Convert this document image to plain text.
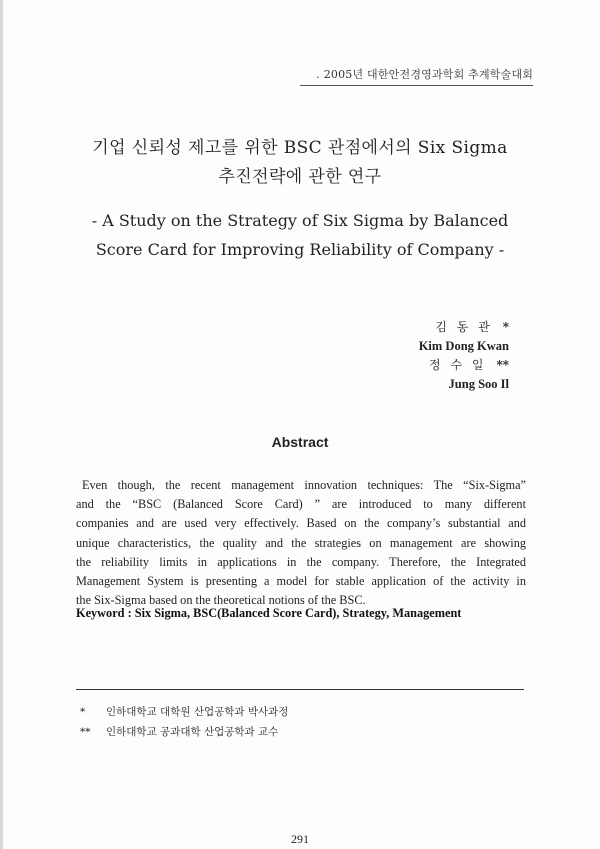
. 2005년 대한안전경영과학회 추계학술대회
기업 신뢰성 제고를 위한 BSC 관점에서의 Six Sigma
추진전략에 관한 연구
- A Study on the Strategy of Six Sigma by Balanced
Score Card for Improving Reliability of Company -
김 동 관 *
Kim Dong Kwan
정 수 일 **
Jung Soo Il
Abstract
Even though, the recent management innovation techniques: The “Six-Sigma”
and the “BSC (Balanced Score Card) ” are introduced to many different
companies and are used very effectively. Based on the company’s substantial and
unique characteristics, the quality and the strategies on management are showing
the reliability limits in applications in the company. Therefore, the Integrated
Management System is presenting a model for stable application of the activity in
the Six-Sigma based on the theoretical notions of the BSC.
Keyword : Six Sigma, BSC(Balanced Score Card), Strategy, Management
* 인하대학교 대학원 산업공학과 박사과정
** 인하대학교 공과대학 산업공학과 교수
291
